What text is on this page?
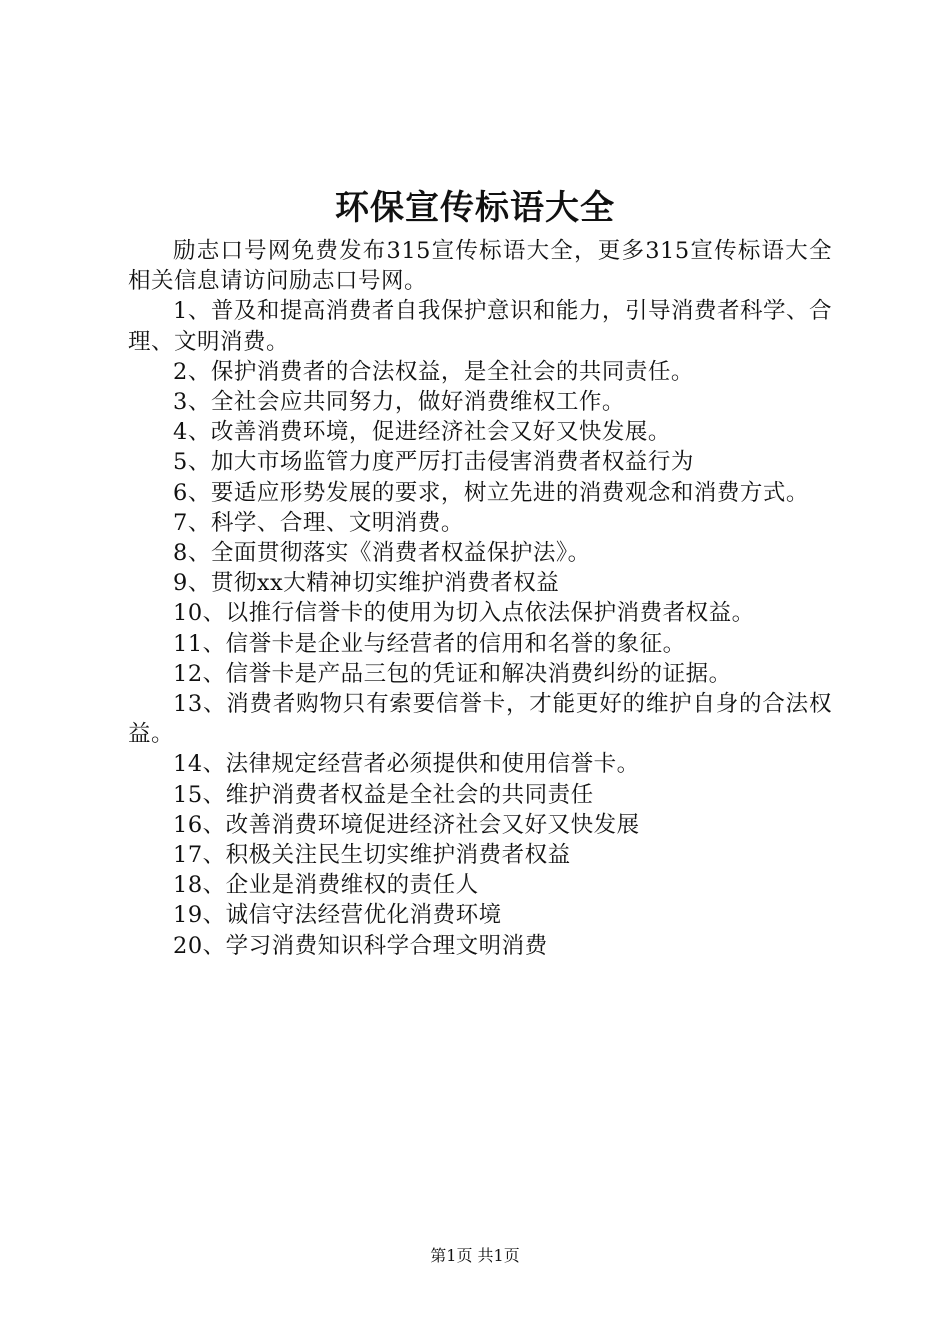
环保宣传标语大全

励志口号网免费发布315宣传标语大全，更多315宣传标语大全相关信息请访问励志口号网。

1、普及和提高消费者自我保护意识和能力，引导消费者科学、合理、文明消费。

2、保护消费者的合法权益，是全社会的共同责任。

3、全社会应共同努力，做好消费维权工作。

4、改善消费环境，促进经济社会又好又快发展。

5、加大市场监管力度严厉打击侵害消费者权益行为

6、要适应形势发展的要求，树立先进的消费观念和消费方式。

7、科学、合理、文明消费。

8、全面贯彻落实《消费者权益保护法》。

9、贯彻xx大精神切实维护消费者权益

10、以推行信誉卡的使用为切入点依法保护消费者权益。

11、信誉卡是企业与经营者的信用和名誉的象征。

12、信誉卡是产品三包的凭证和解决消费纠纷的证据。

13、消费者购物只有索要信誉卡，才能更好的维护自身的合法权益。

14、法律规定经营者必须提供和使用信誉卡。

15、维护消费者权益是全社会的共同责任

16、改善消费环境促进经济社会又好又快发展

17、积极关注民生切实维护消费者权益

18、企业是消费维权的责任人

19、诚信守法经营优化消费环境

20、学习消费知识科学合理文明消费

第1页 共1页
